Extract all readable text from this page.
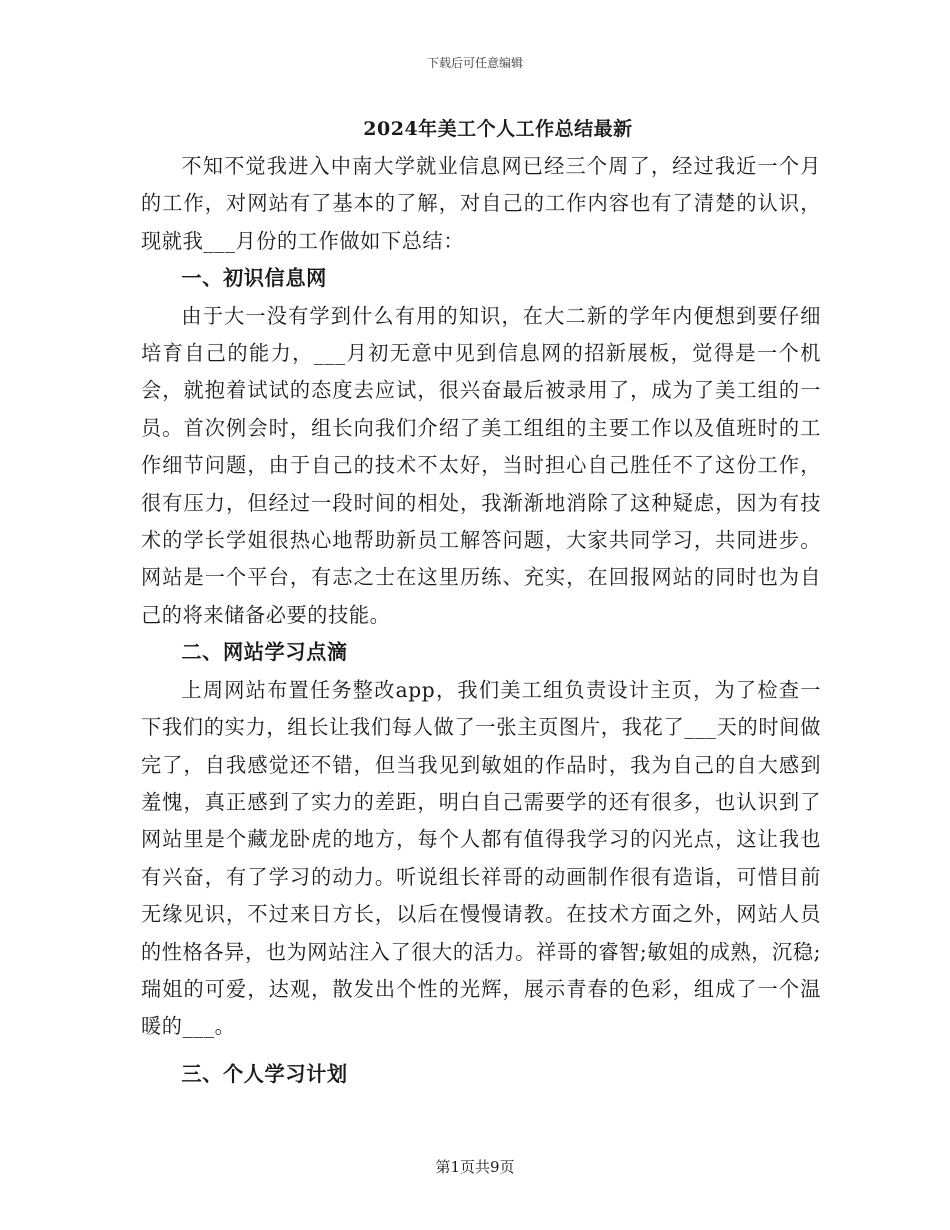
下载后可任意编辑
2024年美工个人工作总结最新

不知不觉我进入中南大学就业信息网已经三个周了，经过我近一个月的工作，对网站有了基本的了解，对自己的工作内容也有了清楚的认识，现就我___月份的工作做如下总结：

一、初识信息网

由于大一没有学到什么有用的知识，在大二新的学年内便想到要仔细培育自己的能力，___月初无意中见到信息网的招新展板，觉得是一个机会，就抱着试试的态度去应试，很兴奋最后被录用了，成为了美工组的一员。首次例会时，组长向我们介绍了美工组组的主要工作以及值班时的工作细节问题，由于自己的技术不太好，当时担心自己胜任不了这份工作，很有压力，但经过一段时间的相处，我渐渐地消除了这种疑虑，因为有技术的学长学姐很热心地帮助新员工解答问题，大家共同学习，共同进步。网站是一个平台，有志之士在这里历练、充实，在回报网站的同时也为自己的将来储备必要的技能。

二、网站学习点滴

上周网站布置任务整改app，我们美工组负责设计主页，为了检查一下我们的实力，组长让我们每人做了一张主页图片，我花了___天的时间做完了，自我感觉还不错，但当我见到敏姐的作品时，我为自己的自大感到羞愧，真正感到了实力的差距，明白自己需要学的还有很多，也认识到了网站里是个藏龙卧虎的地方，每个人都有值得我学习的闪光点，这让我也有兴奋，有了学习的动力。听说组长祥哥的动画制作很有造诣，可惜目前无缘见识，不过来日方长，以后在慢慢请教。在技术方面之外，网站人员的性格各异，也为网站注入了很大的活力。祥哥的睿智;敏姐的成熟，沉稳;瑞姐的可爱，达观，散发出个性的光辉，展示青春的色彩，组成了一个温暖的___。

三、个人学习计划

第1页共9页
